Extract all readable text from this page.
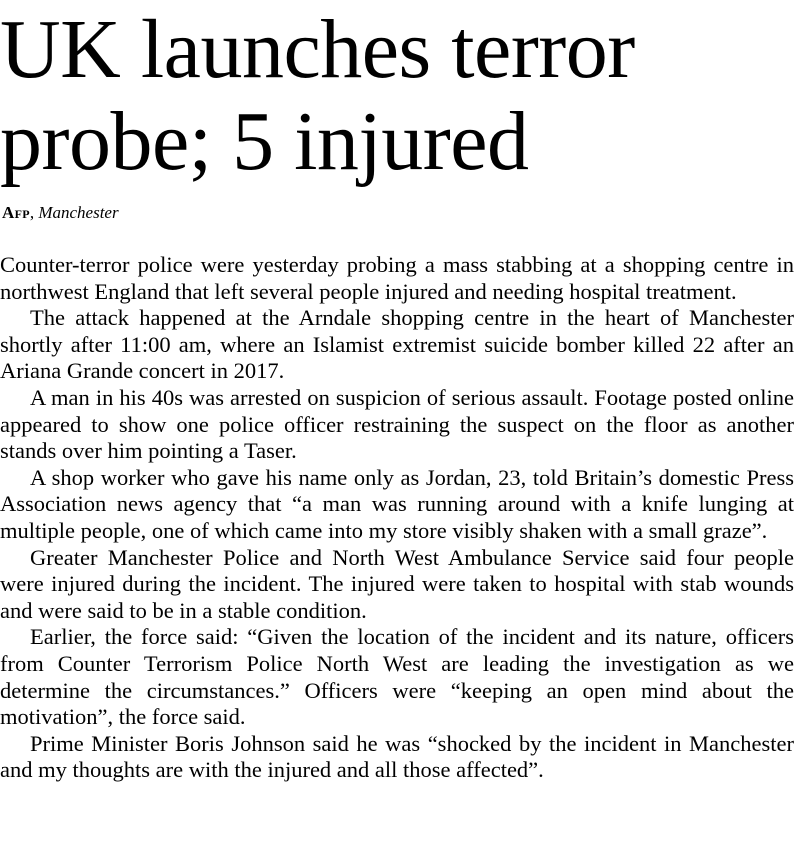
UK launches terror
probe; 5 injured
Afp, Manchester

Counter-terror police were yesterday probing a mass stabbing at a shopping centre in northwest England that left several people injured and needing hospital treatment.

The attack happened at the Arndale shopping centre in the heart of Manchester shortly after 11:00 am, where an Islamist extremist suicide bomber killed 22 after an Ariana Grande concert in 2017.

A man in his 40s was arrested on suspicion of serious assault. Footage posted online appeared to show one police officer restraining the suspect on the floor as another stands over him pointing a Taser.

A shop worker who gave his name only as Jordan, 23, told Britain’s domestic Press Association news agency that “a man was running around with a knife lunging at multiple people, one of which came into my store visibly shaken with a small graze”.

Greater Manchester Police and North West Ambulance Service said four people were injured during the incident. The injured were taken to hospital with stab wounds and were said to be in a stable condition.

Earlier, the force said: “Given the location of the incident and its nature, officers from Counter Terrorism Police North West are leading the investigation as we determine the circumstances.” Officers were “keeping an open mind about the motivation”, the force said.

Prime Minister Boris Johnson said he was “shocked by the incident in Manchester and my thoughts are with the injured and all those affected”.
